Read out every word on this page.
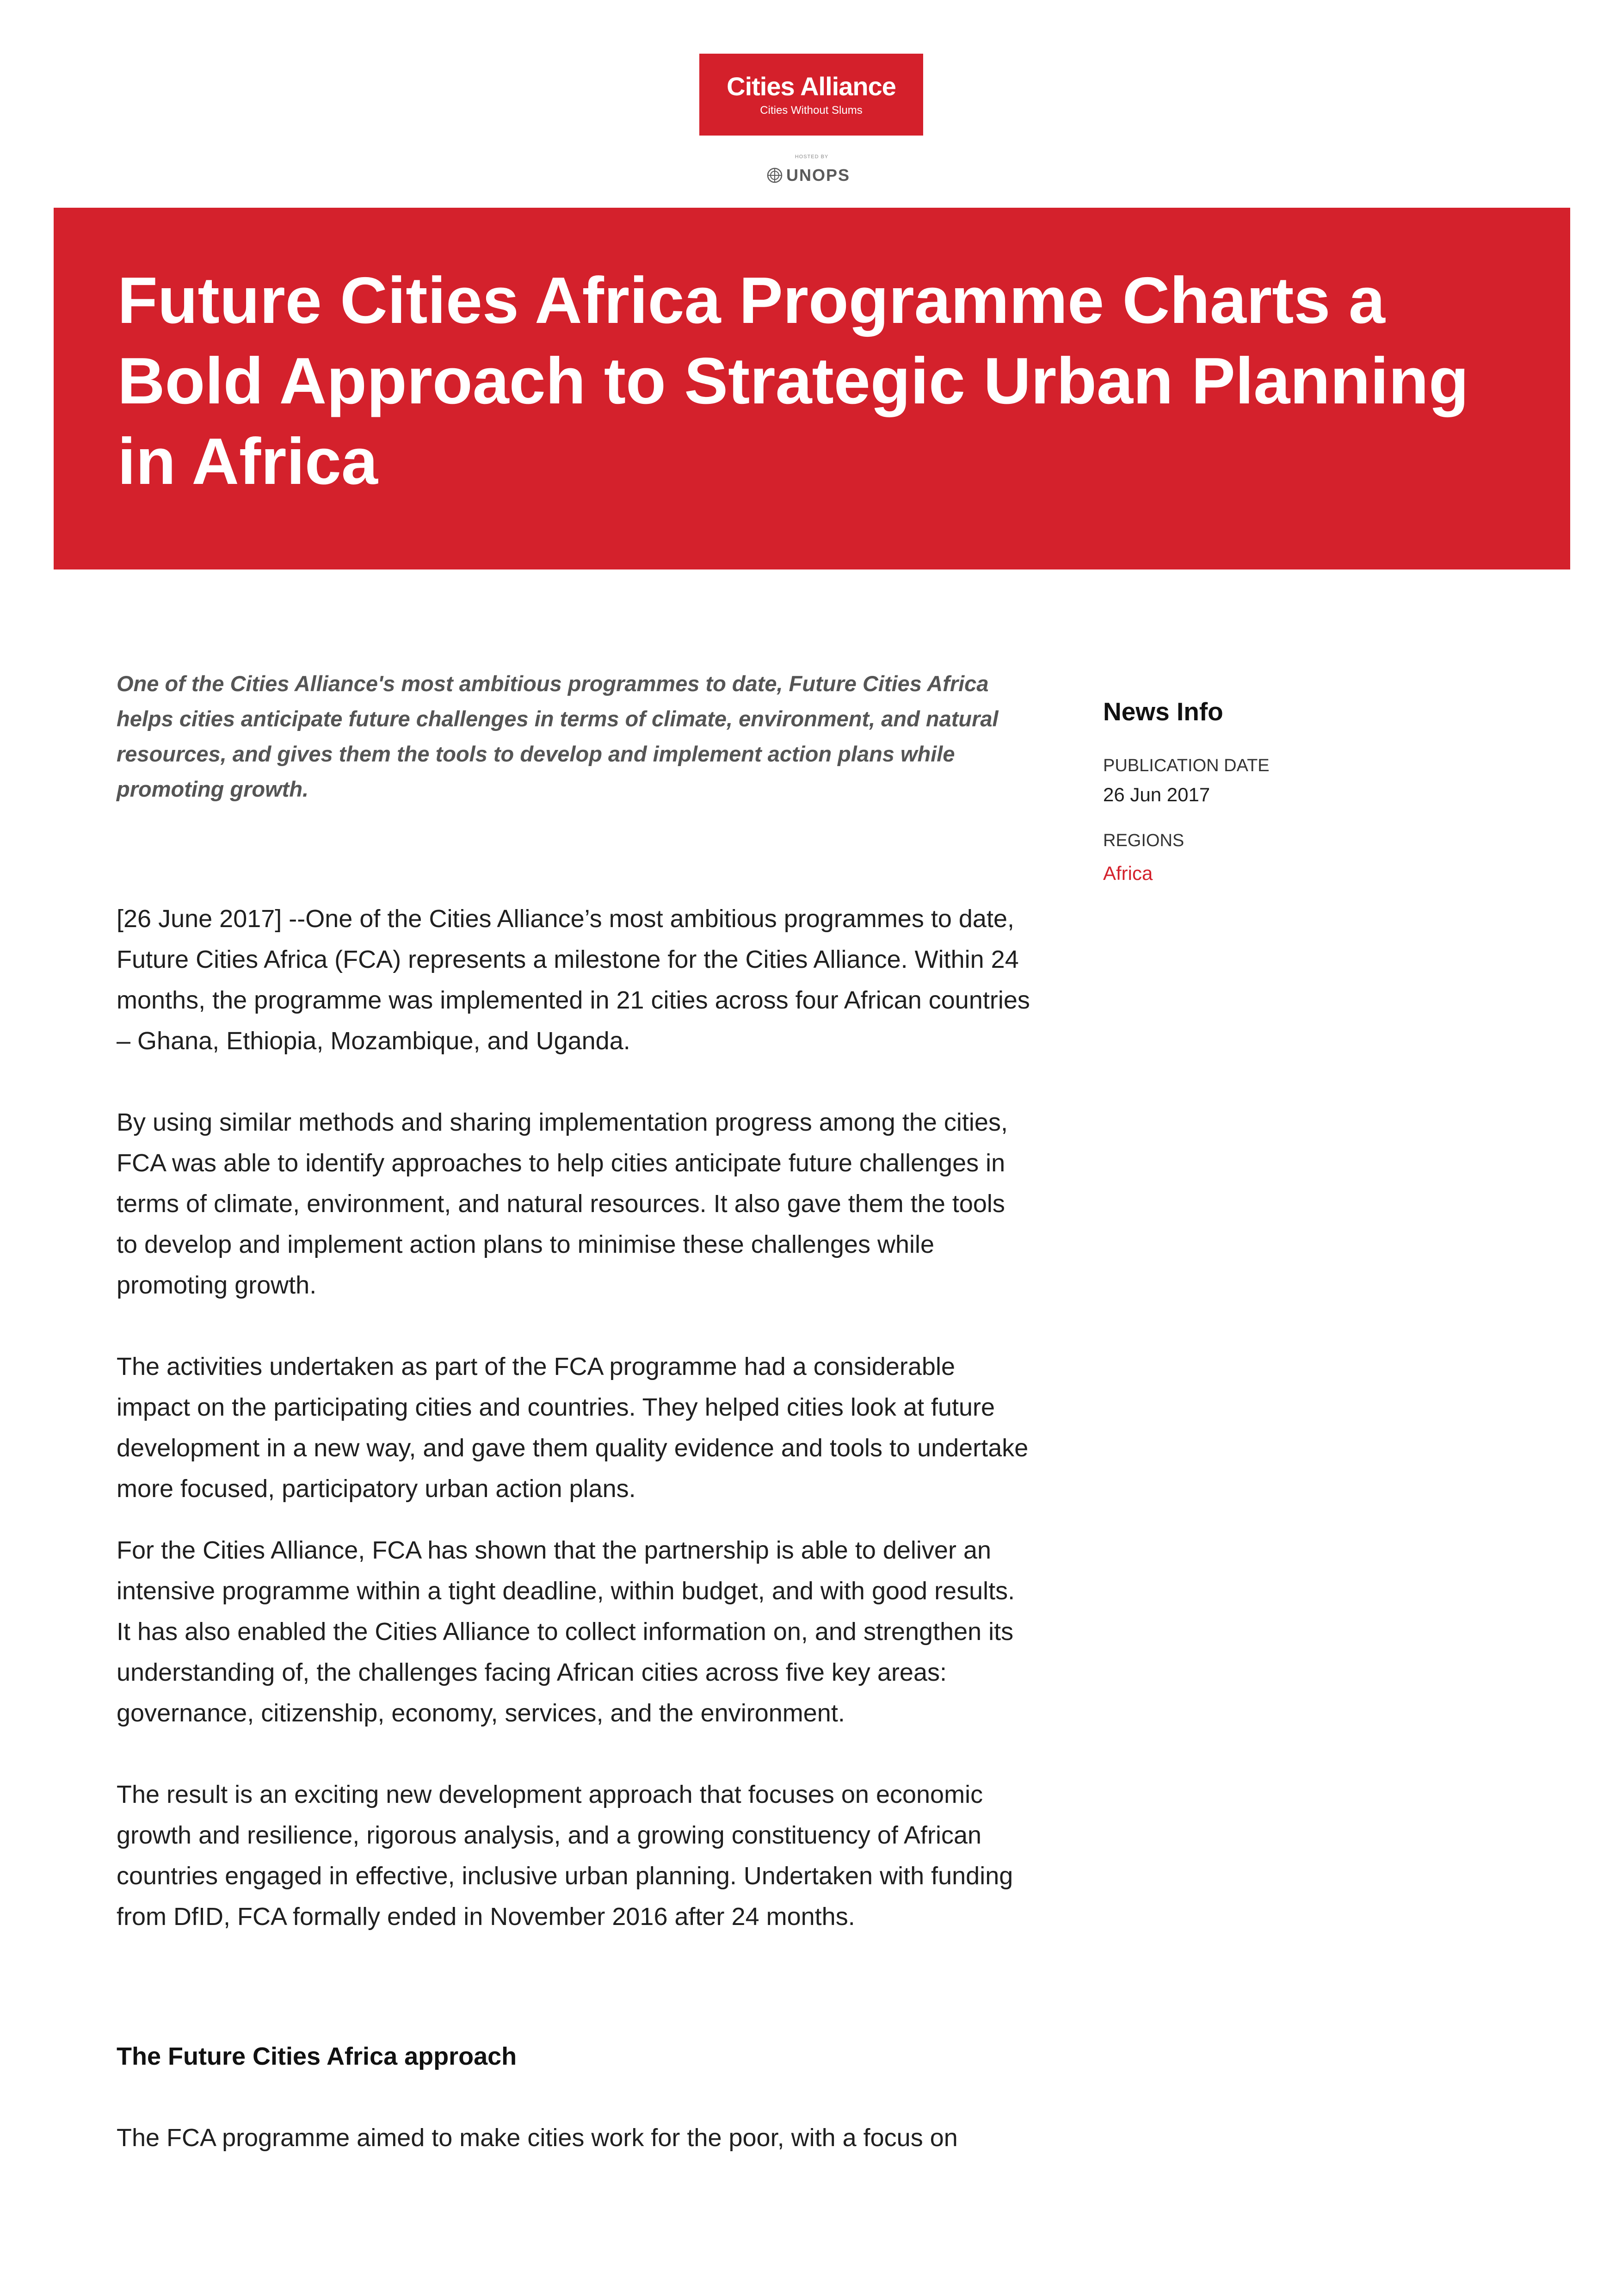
Cities Alliance
Cities Without Slums
HOSTED BY
UNOPS
Future Cities Africa Programme Charts a Bold Approach to Strategic Urban Planning in Africa

One of the Cities Alliance's most ambitious programmes to date, Future Cities Africa helps cities anticipate future challenges in terms of climate, environment, and natural resources, and gives them the tools to develop and implement action plans while promoting growth.

[26 June 2017] --One of the Cities Alliance’s most ambitious programmes to date, Future Cities Africa (FCA) represents a milestone for the Cities Alliance. Within 24 months, the programme was implemented in 21 cities across four African countries – Ghana, Ethiopia, Mozambique, and Uganda.

By using similar methods and sharing implementation progress among the cities, FCA was able to identify approaches to help cities anticipate future challenges in terms of climate, environment, and natural resources. It also gave them the tools to develop and implement action plans to minimise these challenges while promoting growth.

The activities undertaken as part of the FCA programme had a considerable impact on the participating cities and countries. They helped cities look at future development in a new way, and gave them quality evidence and tools to undertake more focused, participatory urban action plans.

For the Cities Alliance, FCA has shown that the partnership is able to deliver an intensive programme within a tight deadline, within budget, and with good results. It has also enabled the Cities Alliance to collect information on, and strengthen its understanding of, the challenges facing African cities across five key areas: governance, citizenship, economy, services, and the environment.

The result is an exciting new development approach that focuses on economic growth and resilience, rigorous analysis, and a growing constituency of African countries engaged in effective, inclusive urban planning. Undertaken with funding from DfID, FCA formally ended in November 2016 after 24 months.

The Future Cities Africa approach

The FCA programme aimed to make cities work for the poor, with a focus on

News Info
PUBLICATION DATE
26 Jun 2017
REGIONS
Africa
